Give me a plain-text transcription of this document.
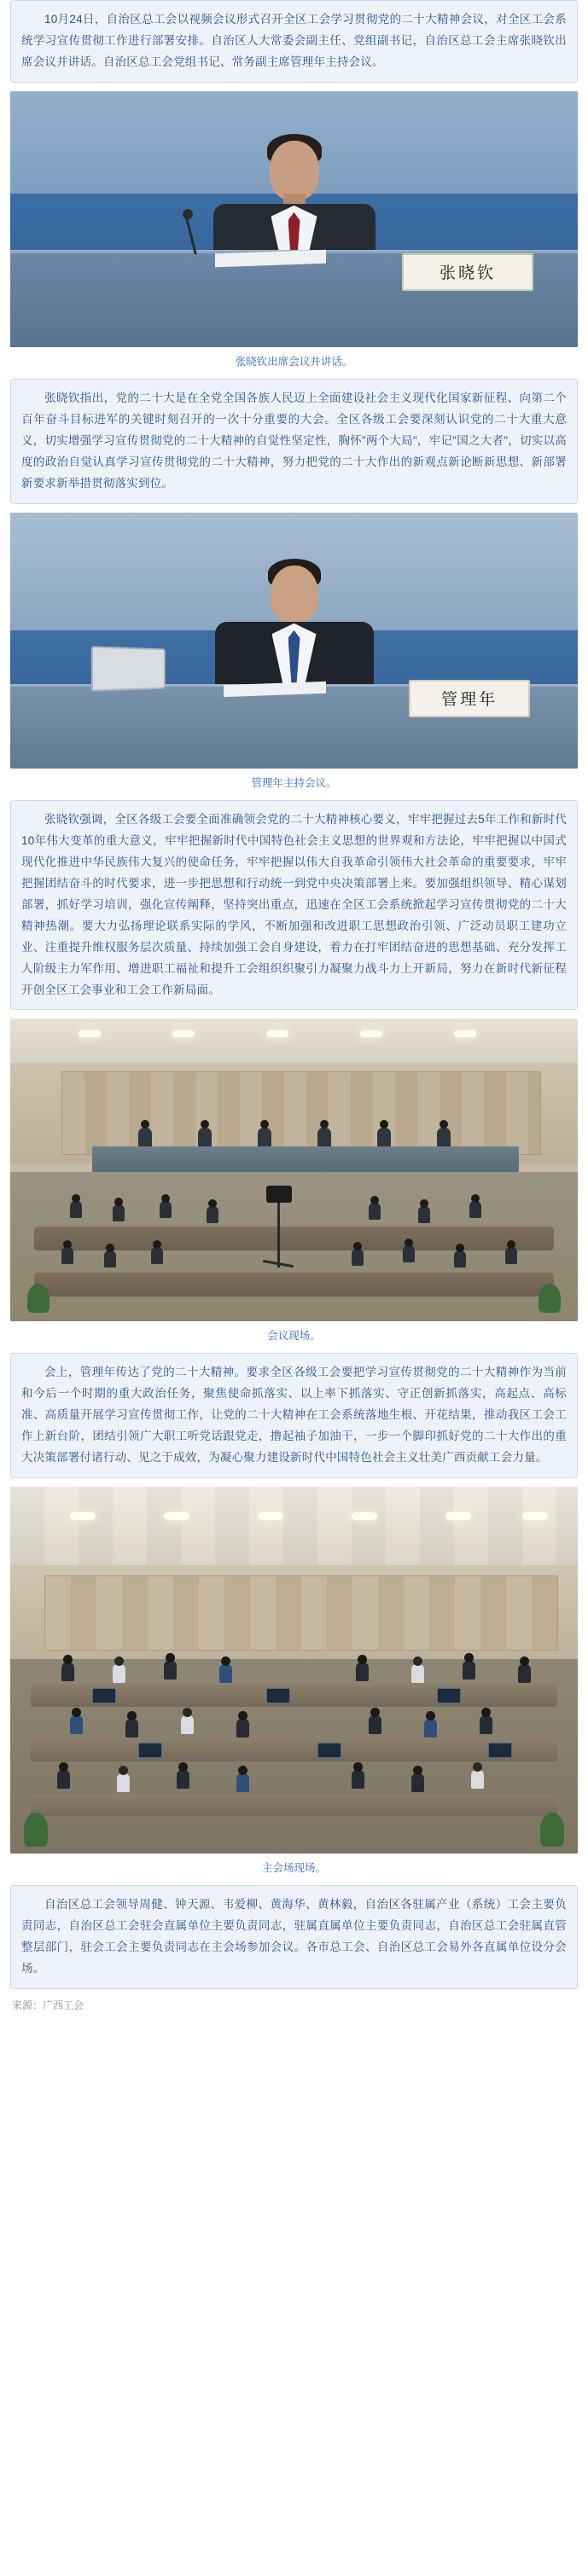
10月24日，自治区总工会以视频会议形式召开全区工会学习贯彻党的二十大精神会议，对全区工会系统学习宣传贯彻工作进行部署安排。自治区人大常委会副主任、党组副书记，自治区总工会主席张晓钦出席会议并讲话。自治区总工会党组书记、常务副主席管理年主持会议。

张晓钦
张晓钦出席会议并讲话。

张晓钦指出，党的二十大是在全党全国各族人民迈上全面建设社会主义现代化国家新征程、向第二个百年奋斗目标进军的关键时刻召开的一次十分重要的大会。全区各级工会要深刻认识党的二十大重大意义，切实增强学习宣传贯彻党的二十大精神的自觉性坚定性，胸怀"两个大局"，牢记"国之大者"，切实以高度的政治自觉认真学习宣传贯彻党的二十大精神，努力把党的二十大作出的新观点新论断新思想、新部署新要求新举措贯彻落实到位。

管理年
管理年主持会议。

张晓钦强调，全区各级工会要全面准确领会党的二十大精神核心要义，牢牢把握过去5年工作和新时代10年伟大变革的重大意义，牢牢把握新时代中国特色社会主义思想的世界观和方法论，牢牢把握以中国式现代化推进中华民族伟大复兴的使命任务，牢牢把握以伟大自我革命引领伟大社会革命的重要要求，牢牢把握团结奋斗的时代要求，进一步把思想和行动统一到党中央决策部署上来。要加强组织领导、精心谋划部署，抓好学习培训，强化宣传阐释，坚持突出重点，迅速在全区工会系统掀起学习宣传贯彻党的二十大精神热潮。要大力弘扬理论联系实际的学风，不断加强和改进职工思想政治引领、广泛动员职工建功立业、注重提升维权服务层次质量、持续加强工会自身建设，着力在打牢团结奋进的思想基础、充分发挥工人阶级主力军作用、增进职工福祉和提升工会组织织聚引力凝聚力战斗力上开新局，努力在新时代新征程开创全区工会事业和工会工作新局面。

会议现场。

会上，管理年传达了党的二十大精神。要求全区各级工会要把学习宣传贯彻党的二十大精神作为当前和今后一个时期的重大政治任务，聚焦使命抓落实、以上率下抓落实、守正创新抓落实，高起点、高标准、高质量开展学习宣传贯彻工作，让党的二十大精神在工会系统落地生根、开花结果，推动我区工会工作上新台阶，团结引领广大职工听党话跟党走，撸起袖子加油干，一步一个脚印抓好党的二十大作出的重大决策部署付诸行动、见之于成效，为凝心聚力建设新时代中国特色社会主义壮美广西贡献工会力量。

主会场现场。

自治区总工会领导周健、钟天源、韦爱柳、黄海华、黄林毅，自治区各驻属产业（系统）工会主要负责同志，自治区总工会驻会直属单位主要负责同志，驻属直属单位主要负责同志，自治区总工会驻属直管整层部门，驻会工会主要负责同志在主会场参加会议。各市总工会、自治区总工会易外各直属单位设分会场。

来源：广西工会
